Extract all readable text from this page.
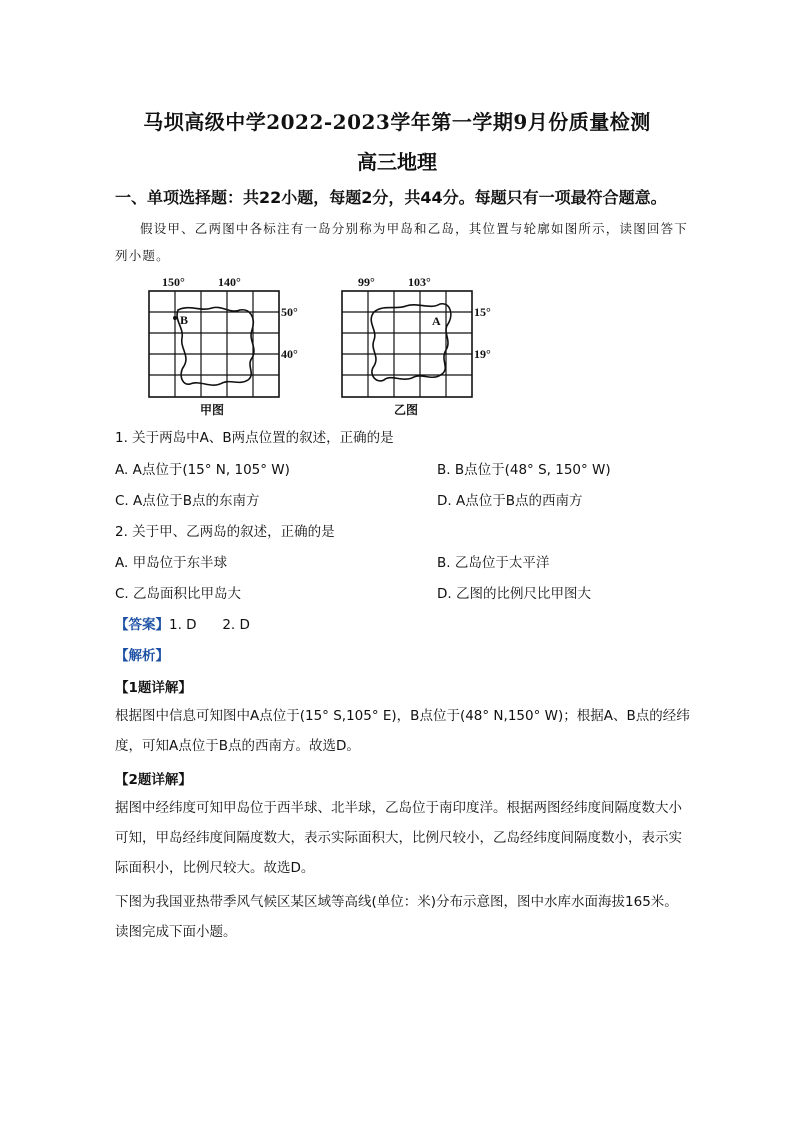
马坝高级中学2022-2023学年第一学期9月份质量检测
高三地理
一、单项选择题：共22小题，每题2分，共44分。每题只有一项最符合题意。
假设甲、乙两图中各标注有一岛分别称为甲岛和乙岛，其位置与轮廓如图所示，读图回答下列小题。
B
150°	140°
50°
40°
甲图
A
99°	103°
15°
19°
乙图
1. 关于两岛中A、B两点位置的叙述，正确的是
A. A点位于(15° N, 105° W)	B. B点位于(48° S, 150° W)
C. A点位于B点的东南方	D. A点位于B点的西南方
2. 关于甲、乙两岛的叙述，正确的是
A. 甲岛位于东半球	B. 乙岛位于太平洋
C. 乙岛面积比甲岛大	D. 乙图的比例尺比甲图大
【答案】1. D      2. D
【解析】
【1题详解】
根据图中信息可知图中A点位于(15° S,105° E)，B点位于(48° N,150° W)；根据A、B点的经纬度，可知A点位于B点的西南方。故选D。
【2题详解】
据图中经纬度可知甲岛位于西半球、北半球，乙岛位于南印度洋。根据两图经纬度间隔度数大小可知，甲岛经纬度间隔度数大，表示实际面积大，比例尺较小，乙岛经纬度间隔度数小，表示实际面积小，比例尺较大。故选D。
下图为我国亚热带季风气候区某区域等高线(单位：米)分布示意图，图中水库水面海拔165米。读图完成下面小题。
